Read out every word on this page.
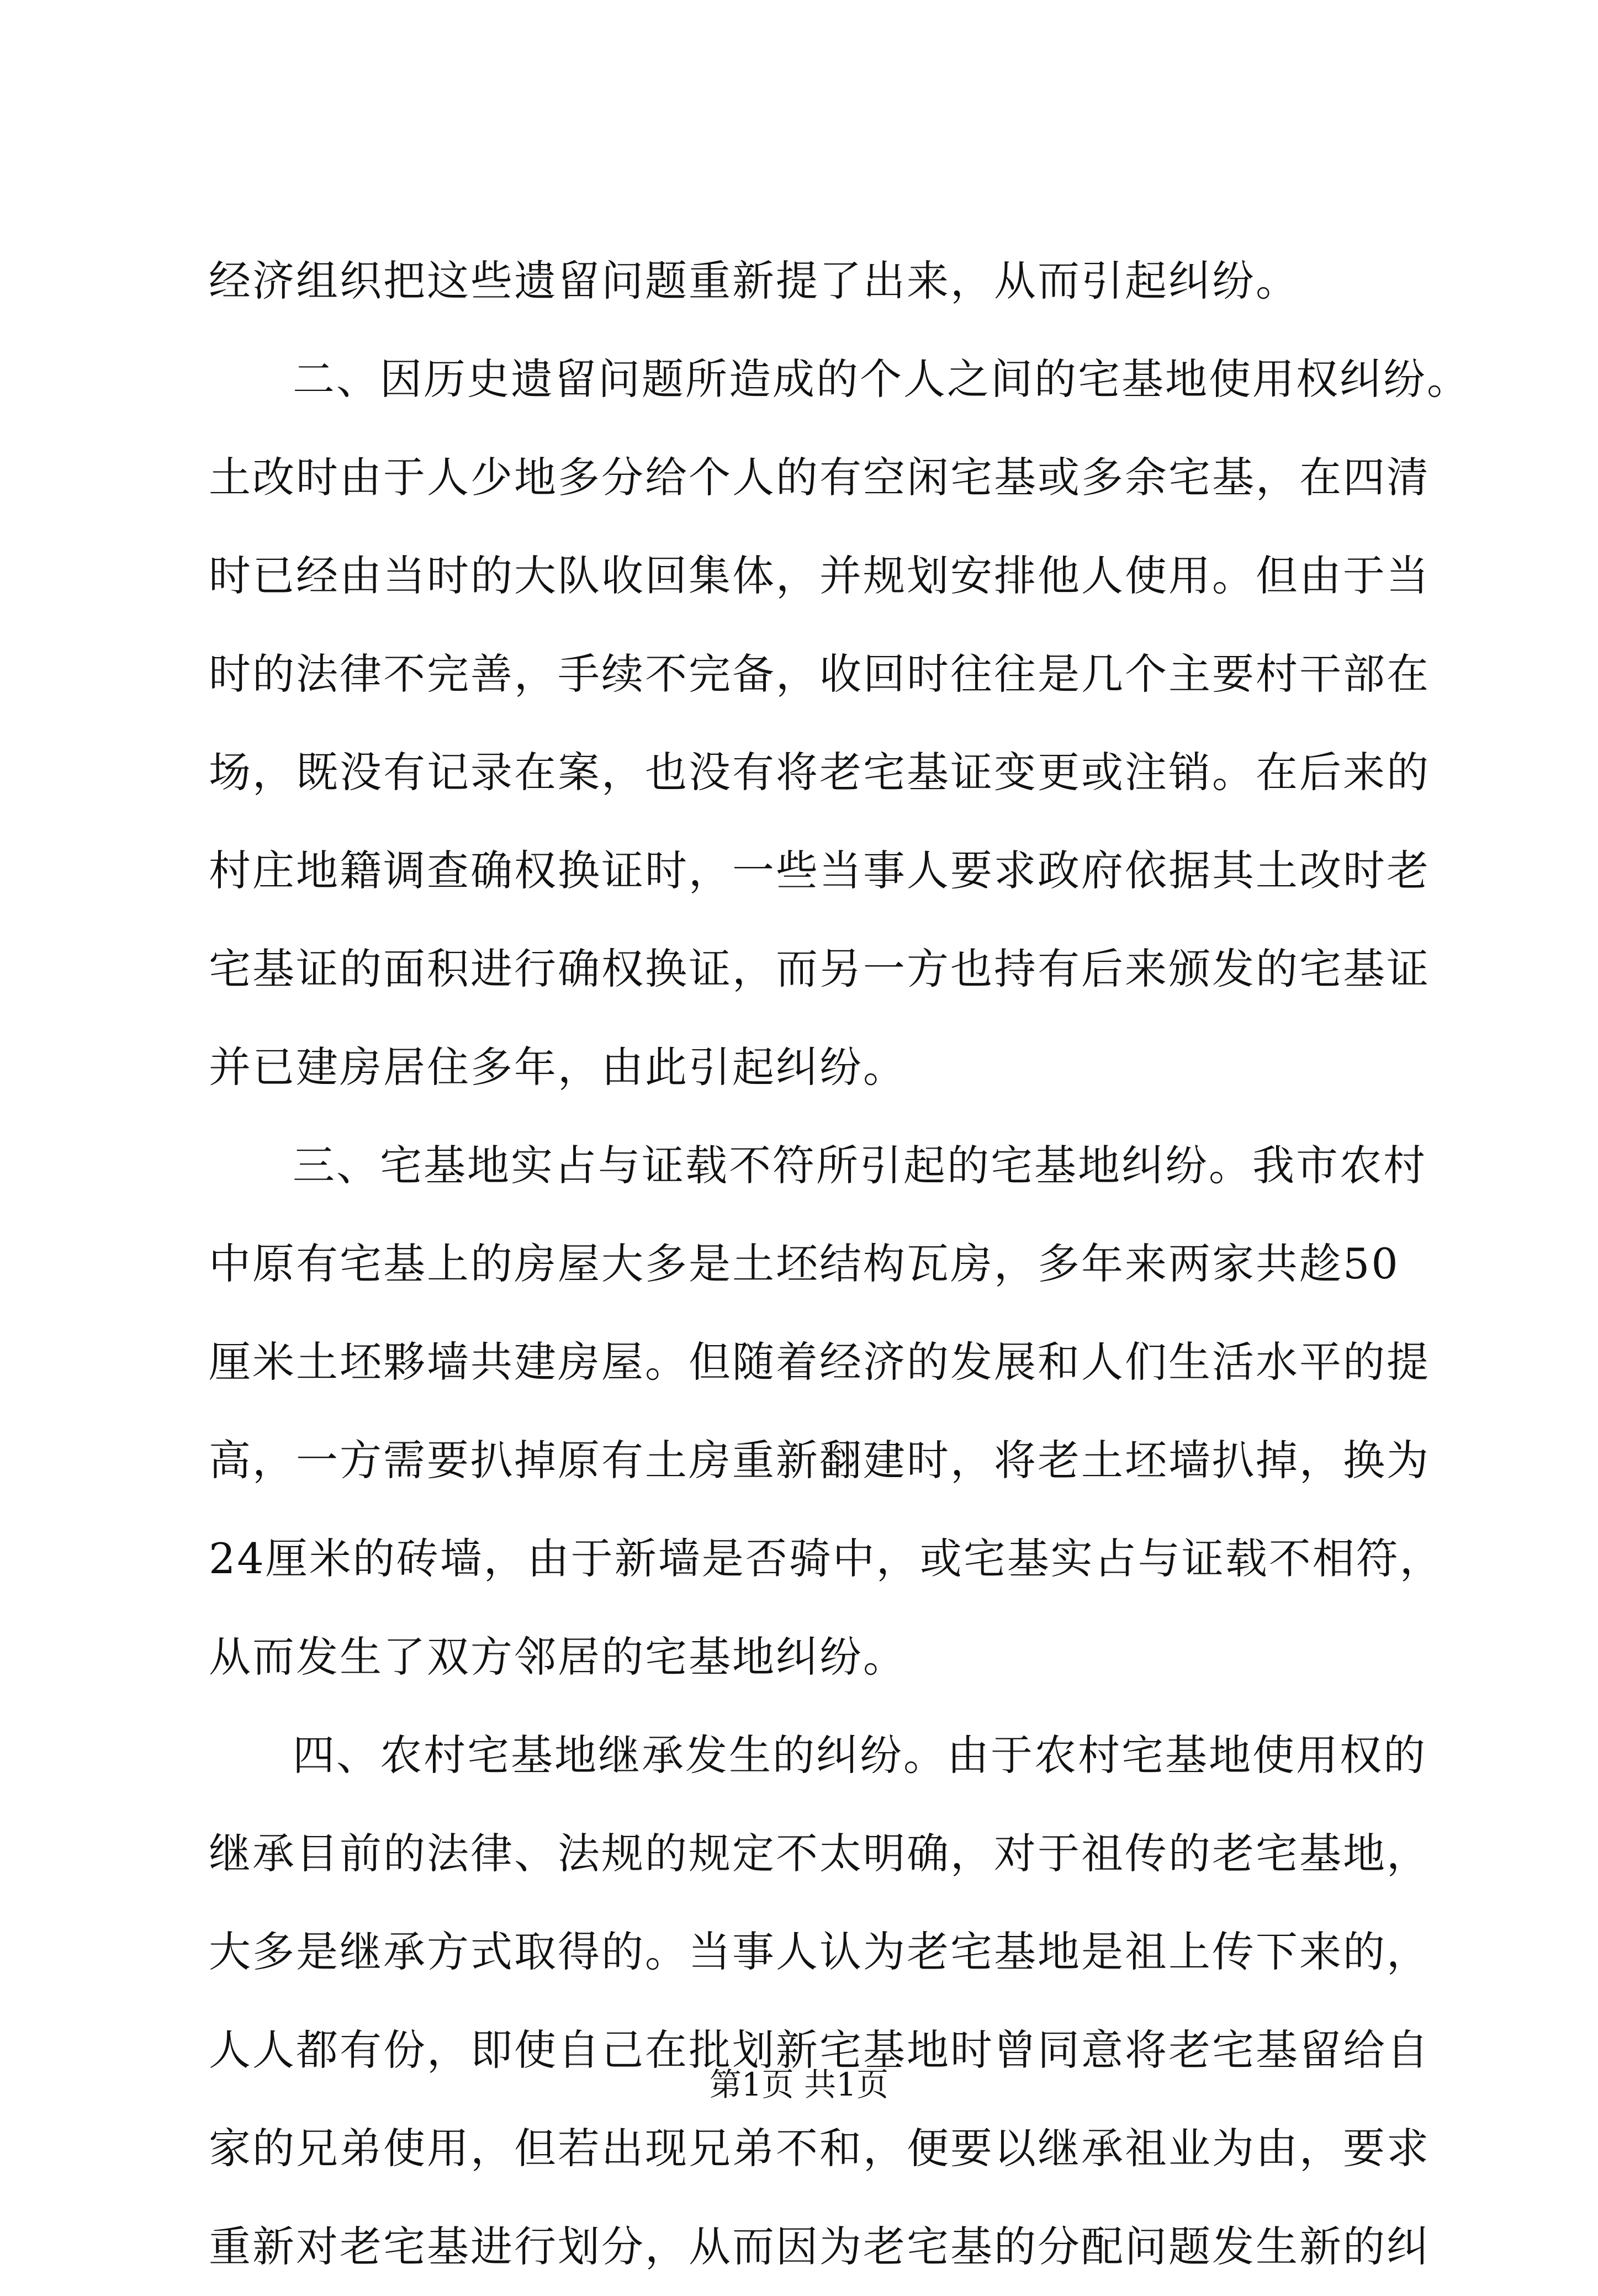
经济组织把这些遗留问题重新提了出来，从而引起纠纷。
二、因历史遗留问题所造成的个人之间的宅基地使用权纠纷。
土改时由于人少地多分给个人的有空闲宅基或多余宅基，在四清
时已经由当时的大队收回集体，并规划安排他人使用。但由于当
时的法律不完善，手续不完备，收回时往往是几个主要村干部在
场，既没有记录在案，也没有将老宅基证变更或注销。在后来的
村庄地籍调查确权换证时，一些当事人要求政府依据其土改时老
宅基证的面积进行确权换证，而另一方也持有后来颁发的宅基证
并已建房居住多年，由此引起纠纷。
三、宅基地实占与证载不符所引起的宅基地纠纷。我市农村
中原有宅基上的房屋大多是土坯结构瓦房，多年来两家共趁50
厘米土坯夥墙共建房屋。但随着经济的发展和人们生活水平的提
高，一方需要扒掉原有土房重新翻建时，将老土坯墙扒掉，换为
24厘米的砖墙，由于新墙是否骑中，或宅基实占与证载不相符，
从而发生了双方邻居的宅基地纠纷。
四、农村宅基地继承发生的纠纷。由于农村宅基地使用权的
继承目前的法律、法规的规定不太明确，对于祖传的老宅基地，
大多是继承方式取得的。当事人认为老宅基地是祖上传下来的，
人人都有份，即使自己在批划新宅基地时曾同意将老宅基留给自
家的兄弟使用，但若出现兄弟不和，便要以继承祖业为由，要求
重新对老宅基进行划分，从而因为老宅基的分配问题发生新的纠
第1页 共1页
